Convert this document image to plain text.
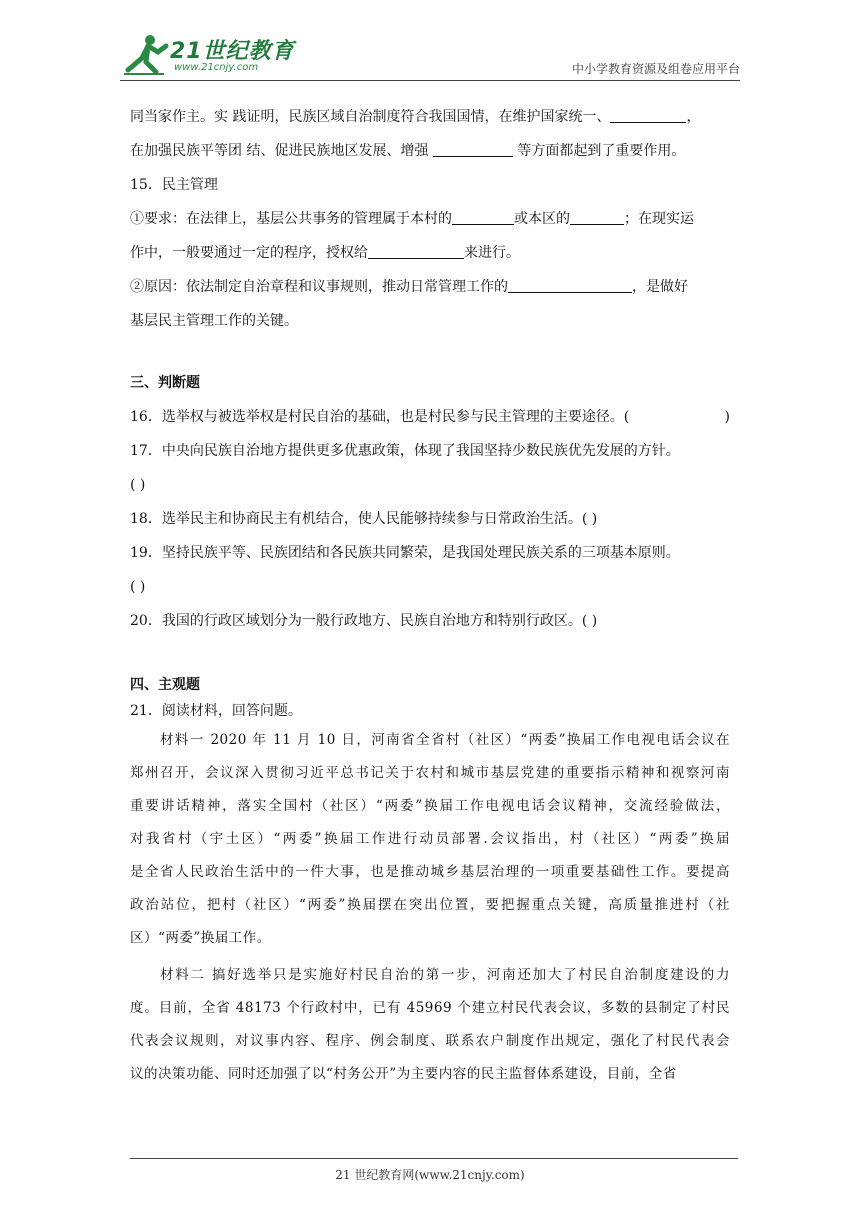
21世纪教育
www.21cnjy.com	中小学教育资源及组卷应用平台
同当家作主。实 践证明，民族区域自治制度符合我国国情，在维护国家统一、	，
在加强民族平等团 结、促进民族地区发展、增强	等方面都起到了重要作用。
15．民主管理
①要求：在法律上，基层公共事务的管理属于本村的	或本区的	；在现实运
作中，一般要通过一定的程序，授权给	来进行。
②原因：依法制定自治章程和议事规则，推动日常管理工作的	，是做好
基层民主管理工作的关键。
三、判断题
16．选举权与被选举权是村民自治的基础，也是村民参与民主管理的主要途径。(	)
17．中央向民族自治地方提供更多优惠政策，体现了我国坚持少数民族优先发展的方针。
( )
18．选举民主和协商民主有机结合，使人民能够持续参与日常政治生活。( )
19．坚持民族平等、民族团结和各民族共同繁荣，是我国处理民族关系的三项基本原则。
( )
20．我国的行政区域划分为一般行政地方、民族自治地方和特别行政区。( )
四、主观题
21．阅读材料，回答问题。
材料一 2020 年 11 月 10 日，河南省全省村（社区）“两委”换届工作电视电话会议在
郑州召开，会议深入贯彻习近平总书记关于农村和城市基层党建的重要指示精神和视察河南
重要讲话精神，落实全国村（社区）“两委”换届工作电视电话会议精神，交流经验做法，
对我省村（宇土区）“两委”换届工作进行动员部署.会议指出，村（社区）“两委”换届
是全省人民政治生活中的一件大事，也是推动城乡基层治理的一项重要基础性工作。要提高
政治站位，把村（社区）“两委”换届摆在突出位置，要把握重点关键，高质量推进村（社
区）“两委”换届工作。
材料二 搞好选举只是实施好村民自治的第一步，河南还加大了村民自治制度建设的力
度。目前，全省 48173 个行政村中，已有 45969 个建立村民代表会议，多数的县制定了村民
代表会议规则，对议事内容、程序、例会制度、联系农户制度作出规定，强化了村民代表会
议的决策功能、同时还加强了以“村务公开”为主要内容的民主监督体系建设，目前，全省
21 世纪教育网(www.21cnjy.com)
